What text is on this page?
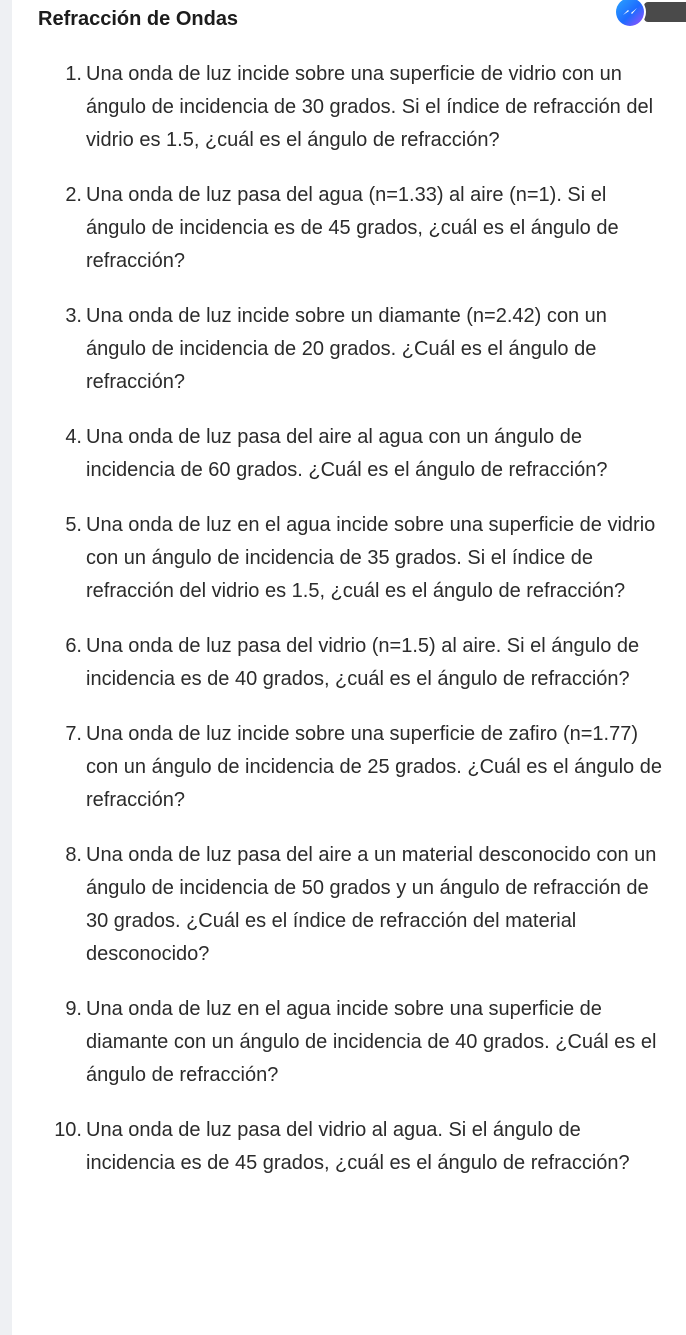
Refracción de Ondas
1. Una onda de luz incide sobre una superficie de vidrio con un ángulo de incidencia de 30 grados. Si el índice de refracción del vidrio es 1.5, ¿cuál es el ángulo de refracción?
2. Una onda de luz pasa del agua (n=1.33) al aire (n=1). Si el ángulo de incidencia es de 45 grados, ¿cuál es el ángulo de refracción?
3. Una onda de luz incide sobre un diamante (n=2.42) con un ángulo de incidencia de 20 grados. ¿Cuál es el ángulo de refracción?
4. Una onda de luz pasa del aire al agua con un ángulo de incidencia de 60 grados. ¿Cuál es el ángulo de refracción?
5. Una onda de luz en el agua incide sobre una superficie de vidrio con un ángulo de incidencia de 35 grados. Si el índice de refracción del vidrio es 1.5, ¿cuál es el ángulo de refracción?
6. Una onda de luz pasa del vidrio (n=1.5) al aire. Si el ángulo de incidencia es de 40 grados, ¿cuál es el ángulo de refracción?
7. Una onda de luz incide sobre una superficie de zafiro (n=1.77) con un ángulo de incidencia de 25 grados. ¿Cuál es el ángulo de refracción?
8. Una onda de luz pasa del aire a un material desconocido con un ángulo de incidencia de 50 grados y un ángulo de refracción de 30 grados. ¿Cuál es el índice de refracción del material desconocido?
9. Una onda de luz en el agua incide sobre una superficie de diamante con un ángulo de incidencia de 40 grados. ¿Cuál es el ángulo de refracción?
10. Una onda de luz pasa del vidrio al agua. Si el ángulo de incidencia es de 45 grados, ¿cuál es el ángulo de refracción?
